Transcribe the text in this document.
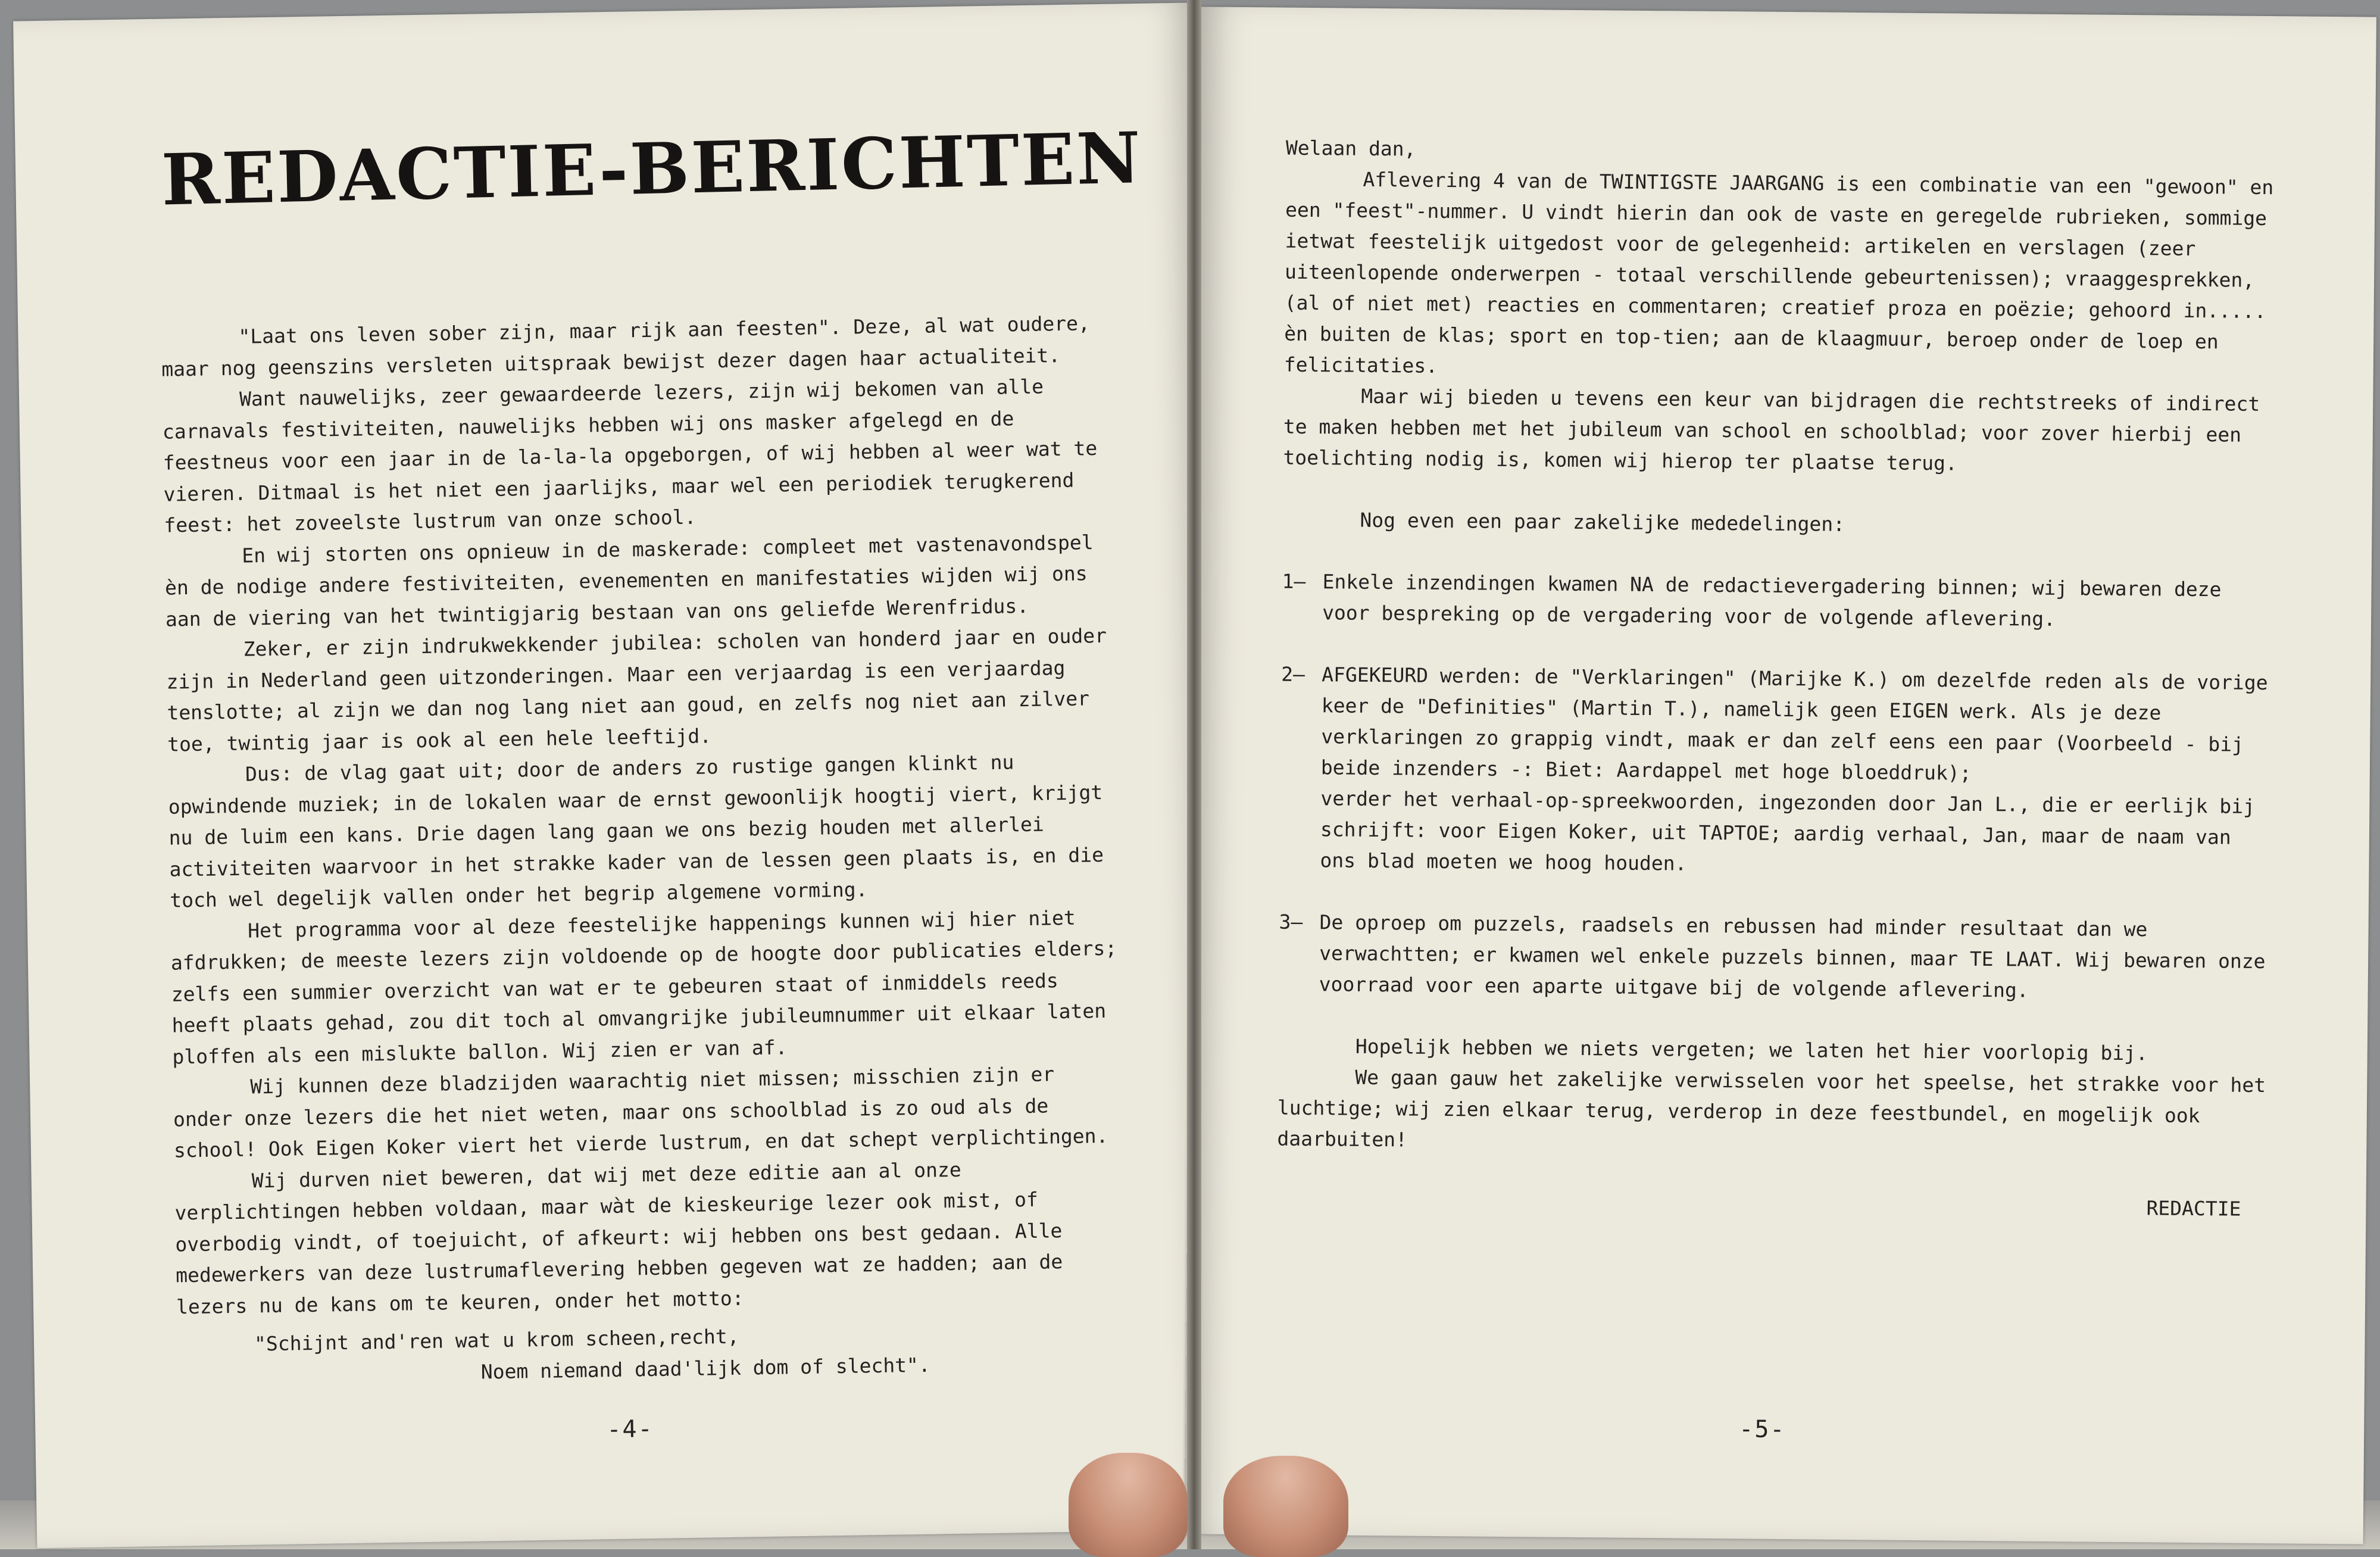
REDACTIE-BERICHTEN

"Laat ons leven sober zijn, maar rijk aan feesten". Deze, al wat oudere, maar nog geenszins versleten uitspraak bewijst dezer dagen haar actualiteit.

Want nauwelijks, zeer gewaardeerde lezers, zijn wij bekomen van alle carnavals festiviteiten, nauwelijks hebben wij ons masker afgelegd en de feestneus voor een jaar in de la-la-la opgeborgen, of wij hebben al weer wat te vieren. Ditmaal is het niet een jaarlijks, maar wel een periodiek terugkerend feest: het zoveelste lustrum van onze school.

En wij storten ons opnieuw in de maskerade: compleet met vastenavondspel èn de nodige andere festiviteiten, evenementen en manifestaties wijden wij ons aan de viering van het twintigjarig bestaan van ons geliefde Werenfridus.

Zeker, er zijn indrukwekkender jubilea: scholen van honderd jaar en ouder zijn in Nederland geen uitzonderingen. Maar een verjaardag is een verjaardag tenslotte; al zijn we dan nog lang niet aan goud, en zelfs nog niet aan zilver toe, twintig jaar is ook al een hele leeftijd.

Dus: de vlag gaat uit; door de anders zo rustige gangen klinkt nu opwindende muziek; in de lokalen waar de ernst gewoonlijk hoogtij viert, krijgt nu de luim een kans. Drie dagen lang gaan we ons bezig houden met allerlei activiteiten waarvoor in het strakke kader van de lessen geen plaats is, en die toch wel degelijk vallen onder het begrip algemene vorming.

Het programma voor al deze feestelijke happenings kunnen wij hier niet afdrukken; de meeste lezers zijn voldoende op de hoogte door publicaties elders; zelfs een summier overzicht van wat er te gebeuren staat of inmiddels reeds heeft plaats gehad, zou dit toch al omvangrijke jubileumnummer uit elkaar laten ploffen als een mislukte ballon. Wij zien er van af.

Wij kunnen deze bladzijden waarachtig niet missen; misschien zijn er onder onze lezers die het niet weten, maar ons schoolblad is zo oud als de school! Ook Eigen Koker viert het vierde lustrum, en dat schept verplichtingen.

Wij durven niet beweren, dat wij met deze editie aan al onze verplichtingen hebben voldaan, maar wàt de kieskeurige lezer ook mist, of overbodig vindt, of toejuicht, of afkeurt: wij hebben ons best gedaan. Alle medewerkers van deze lustrumaflevering hebben gegeven wat ze hadden; aan de lezers nu de kans om te keuren, onder het motto:

"Schijnt and'ren wat u krom scheen,recht,

Noem niemand daad'lijk dom of slecht".

-4-

Welaan dan,

Aflevering 4 van de TWINTIGSTE JAARGANG is een combinatie van een "gewoon" en een "feest"-nummer. U vindt hierin dan ook de vaste en geregelde rubrieken, sommige ietwat feestelijk uitgedost voor de gelegenheid: artikelen en verslagen (zeer uiteenlopende onderwerpen - totaal verschillende gebeurtenissen); vraaggesprekken, (al of niet met) reacties en commentaren; creatief proza en poëzie; gehoord in..... èn buiten de klas; sport en top-tien; aan de klaagmuur, beroep onder de loep en felicitaties.

Maar wij bieden u tevens een keur van bijdragen die rechtstreeks of indirect te maken hebben met het jubileum van school en schoolblad; voor zover hierbij een toelichting nodig is, komen wij hierop ter plaatse terug.

Nog even een paar zakelijke mededelingen:

1— Enkele inzendingen kwamen NA de redactievergadering binnen; wij bewaren deze voor bespreking op de vergadering voor de volgende aflevering.
2— AFGEKEURD werden: de "Verklaringen" (Marijke K.) om dezelfde reden als de vorige keer de "Definities" (Martin T.), namelijk geen EIGEN werk. Als je deze verklaringen zo grappig vindt, maak er dan zelf eens een paar (Voorbeeld - bij beide inzenders -: Biet: Aardappel met hoge bloeddruk);
verder het verhaal-op-spreekwoorden, ingezonden door Jan L., die er eerlijk bij schrijft: voor Eigen Koker, uit TAPTOE; aardig verhaal, Jan, maar de naam van ons blad moeten we hoog houden.
3— De oproep om puzzels, raadsels en rebussen had minder resultaat dan we verwachtten; er kwamen wel enkele puzzels binnen, maar TE LAAT. Wij bewaren onze voorraad voor een aparte uitgave bij de volgende aflevering.

Hopelijk hebben we niets vergeten; we laten het hier voorlopig bij.

We gaan gauw het zakelijke verwisselen voor het speelse, het strakke voor het luchtige; wij zien elkaar terug, verderop in deze feestbundel, en mogelijk ook daarbuiten!

REDACTIE

-5-
